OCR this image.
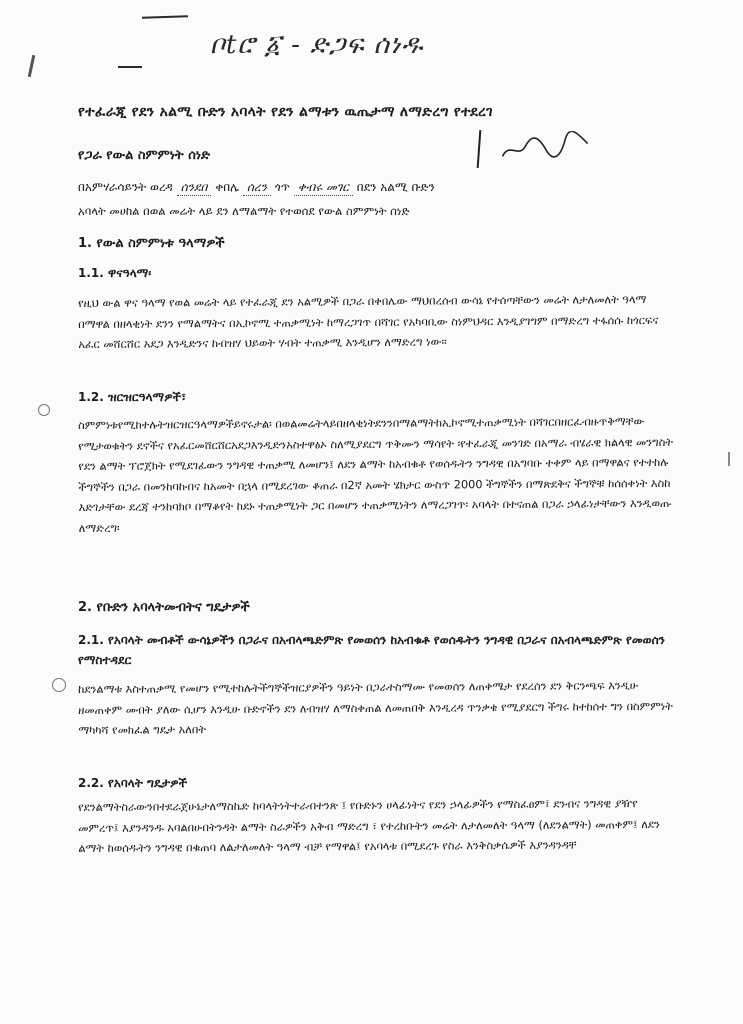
ቦtሮ ፩ - ድጋፍ ሰነዱ
የተፈራጂ የደን አልሚ ቡድን አባላት የደን ልማቱን ዉጤታማ ለማድረግ የተደረገ
የጋራ የውል ስምምነት ሰነድ
በአምሃራሳይንት ወረዳ ሰንደበ ቀበሌ ሰረን ጎጥ ቀብሩ መገር በደን አልሚ ቡድን
አባላት መሀከል በወል መሬት ላይ ደን ለማልማት የተወሰደ የውል ስምምነት ሰነድ
1. የውል ስምምነቱ ዓላማዎች
1.1. ዋናዓላማ፡

የዚህ ውል ዋና ዓላማ የወል መሬት ላይ የተፈራጂ ደን አልሚዎች በጋራ በቀበሌው ማህበረሰብ ውሳኔ የተሰጣቸውን መሬት ለታለመለት ዓላማ በማዋል በዘላቂነት ደንን የማልማትና በኢኮኖሚ ተጠቃሚነት ከማረጋገጥ በሻገር የአካባቢው ስነምህዳር እንዲያገግም በማድረግ ተፋሰሱ ከጎርፍና አፈር መሸርሸር አደጋ እንዲድንና ከብዝሃ ህይወት ሃብት ተጠቃሚ እንዲሆን ለማድረግ ነው፡፡

1.2. ዝርዝርዓላማዎች፣

ስምምነቱየሚከተሉትዝርዝርዓላማዎችይኖሩታል፡ በወልመሬትላይበዘላቂነትደንንበማልማትከኢኮኖሚተጠቃሚነት በሻገርበዘርፈብዙጥቅማቸው የሚታወቁትን ደኖችና የአፈርመሸርሸርአደጋእንዲድንአስተዋፅኦ ስለሚያደርግ ጥቅሙን ማሳየት ፡የተፈራጂ መንገድ በአማራ ብሄራዊ ክልላዊ መንግስት የደን ልማት ፕሮጀክት የሚደገፈውን ንግዳዊ ተጠቃሚ ለመሆን፤ ለደን ልማት ከአብቁቶ የወሰዱትን ንግዳዊ በአግባቡ ተቀም ላይ በማዋልና የተተከሉ ችግኞችን በጋራ በመንከባከብና ከአመት በኋላ በሚደረገው ቆጠራ በ2ኛ አመት ሄክታር ውስጥ 2000 ችግኞችን በማጽደቅና ችግኞቹ ከሰሰቀነት እስከ እድገታቸው ደረጃ ተንከባክቦ በማቆየት ከደኑ ተጠቃሚነት ጋር በመሆን ተጠቃሚነትን ለማረጋገጥ፡ አባላት በተናጠል በጋራ ኃላፊነታቸውን እንዲወጡ ለማድረግ፡

2. የቡድን አባላትመብትና ግዴታዎች
2.1. የአባላት መብቶች ውሳኔዎችን በጋራና በአብላጫድምጽ የመወሰን ከአብቁቶ የወሰዱትን ንግዳዊ በጋራና በአብላጫድምጽ የመወሰን የማስተዳደር

ከደንልማቱ እስተጠቃሚ የመሆን የሚተከሉትችግኞችዝርያዎችን ዓይነት በጋራተስማሙ የመወሰን ለጠቀሜታ የደረሰን ደን ቅርንጫፍ እንዲሁ ዘመጠቀም መብት ያለው ሲሆን እንዲሁ ቡድኖችን ደን ለብዝሃ ለማስቀጠል ለመጠበቅ እንዲረዳ ጥንቃቄ የሚያደርግ ችግሩ ከተከሰተ ግን በስምምነት ማካካሻ የመክፈል ግዴታ አለበት

2.2. የአባላት ግዴታዎች

የደንልማትስራውንበተደራጀሁኔታለማስኬድ ከባላትነትተራብተንጽ ፤ የቡድኑን ሀላፊነትና የደን ኃላፊዎችን የማስፈፀም፤ ደንብና ንግዳዊ ያዥየ መምረጥ፤ እያንዳንዱ አባልበሀብትንዳት ልማት ስራዎችን አቅብ ማድረግ ፣ የተረከቡትን መሬት ለታለመለት ዓላማ (ለደንልማት) መጠቀም፤ ለደን ልማት ከወሰዱትን ንግዳዊ በቁጠባ ለልታለመለት ዓላማ ብቻ የማዋል፤ የአባላቱ በሚደረጉ የስራ እንቅስቃሴዎች እያንዳንዳቸ
